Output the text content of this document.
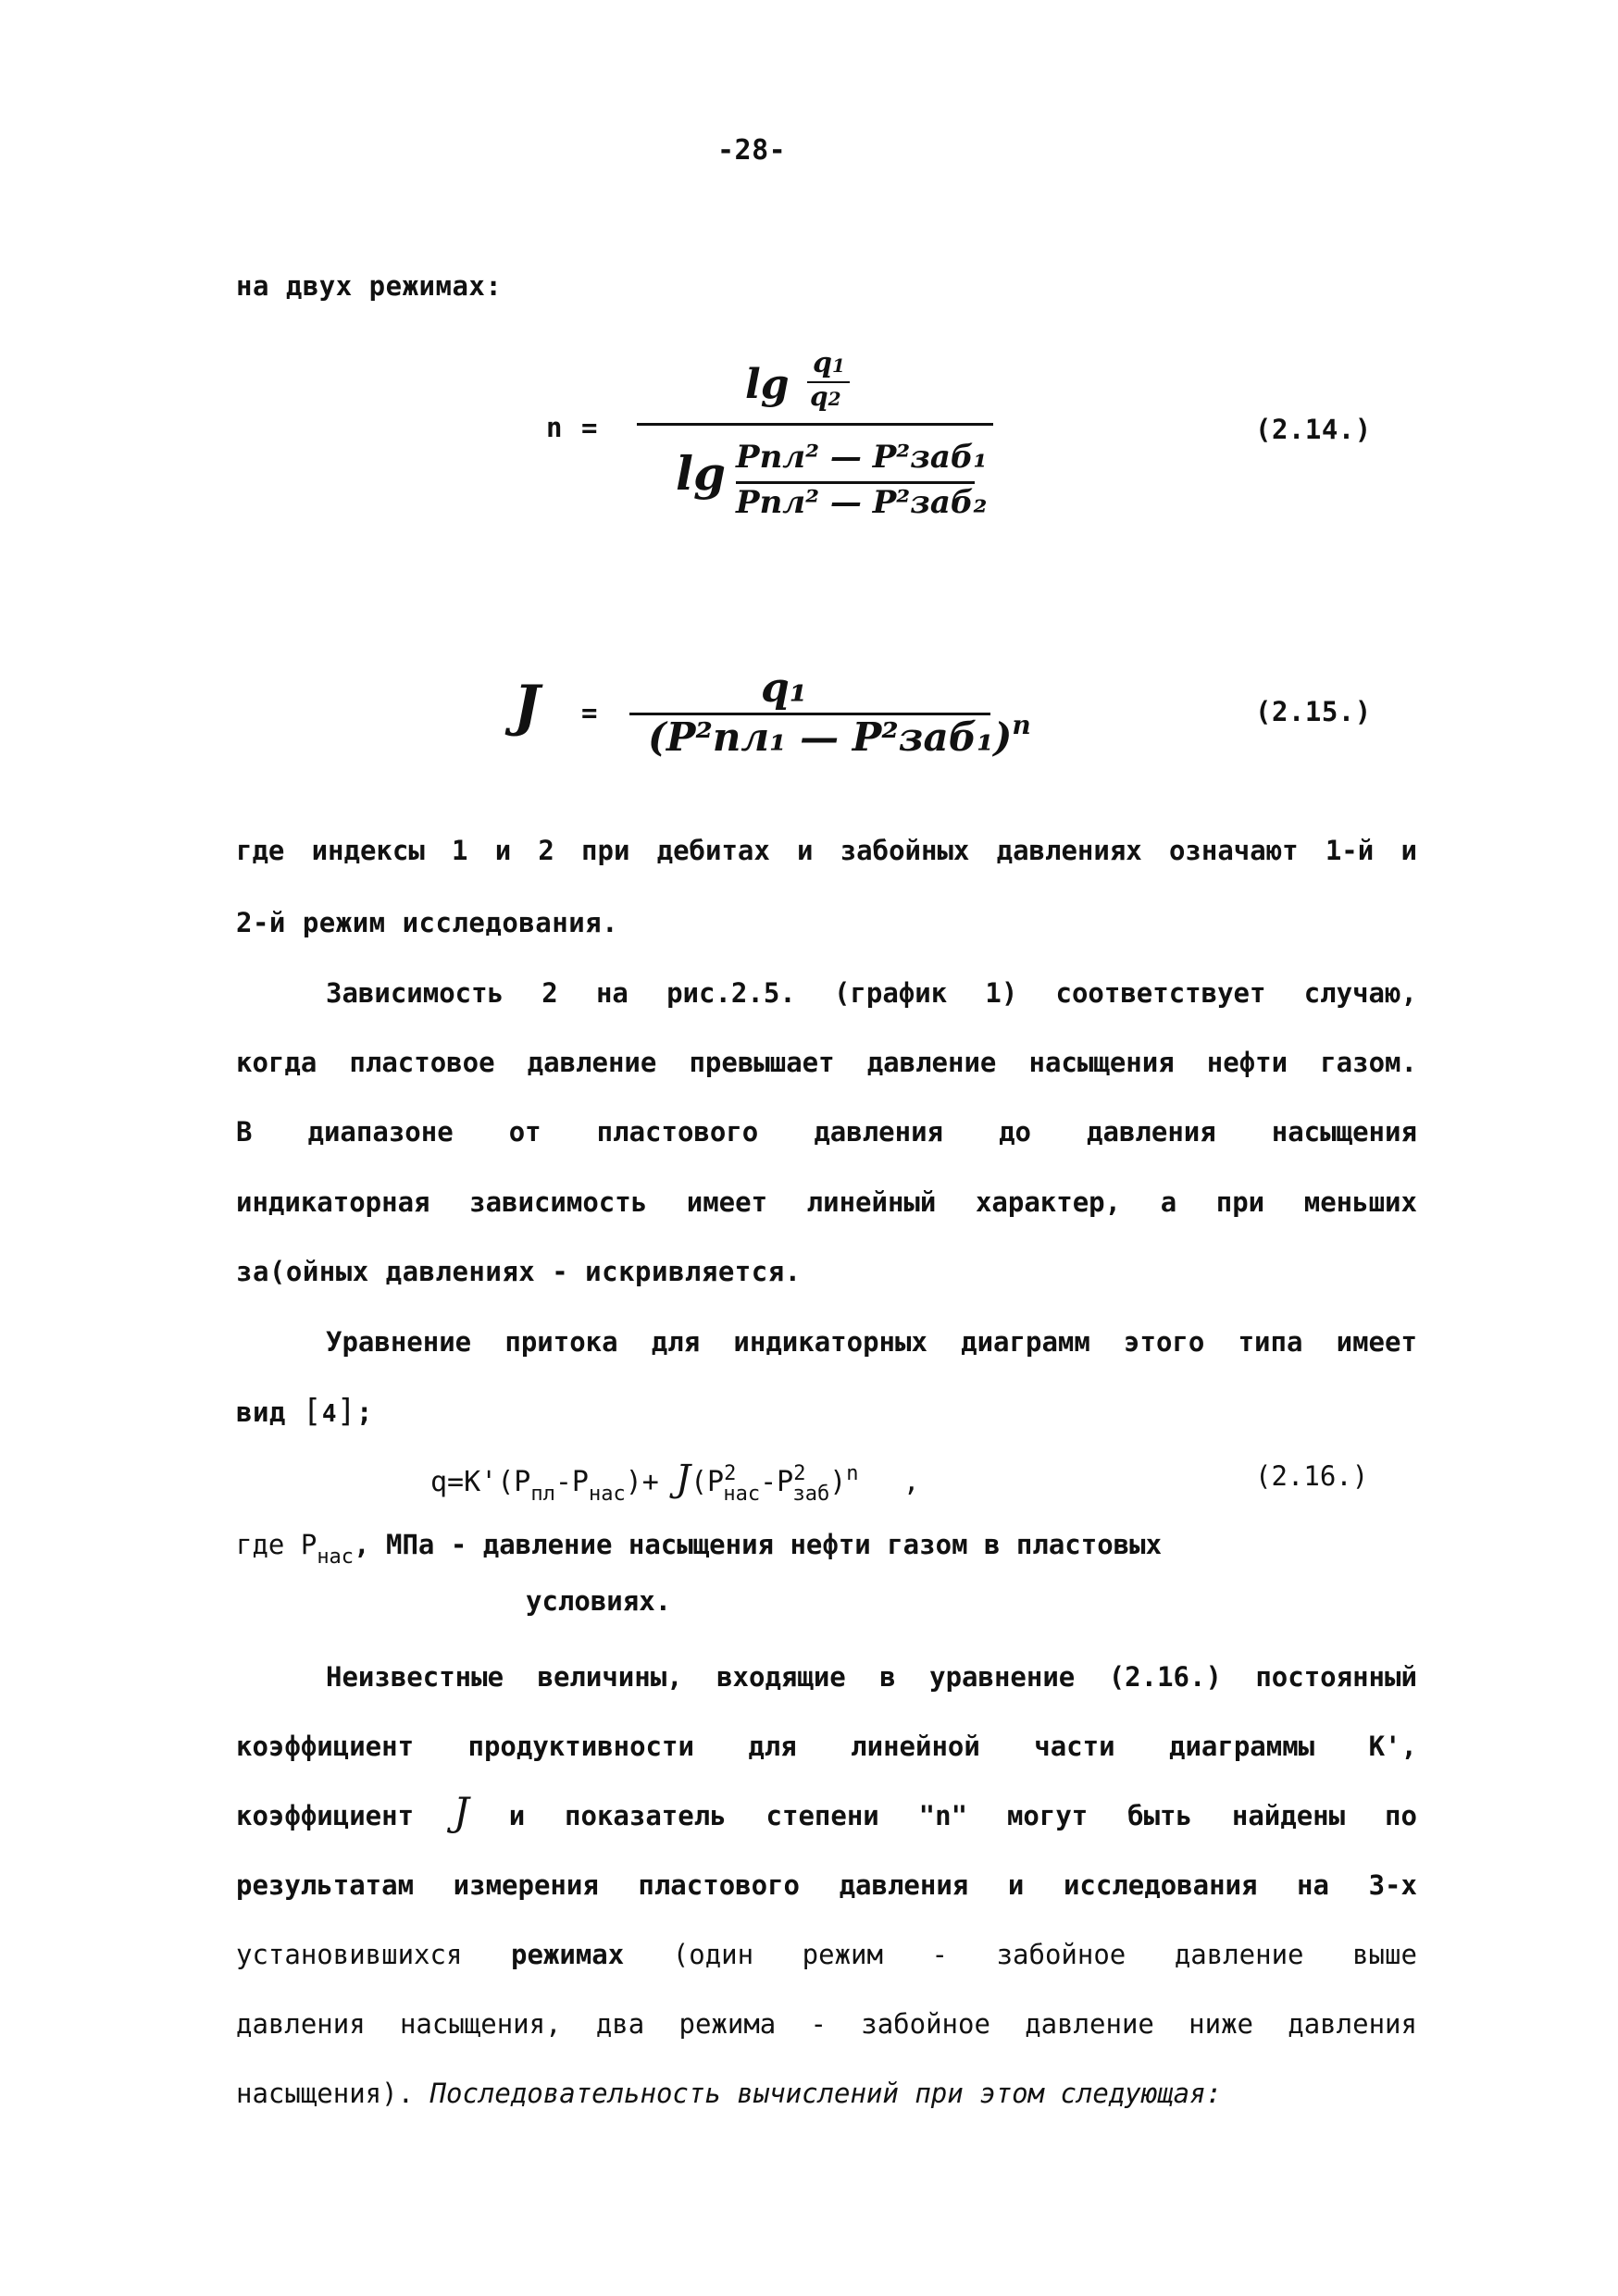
-28-
на двух режимах:
n =
lg q1
q2
lg Pпл² — P²заб₁
Pпл² — P²заб₂
(2.14.)
J =
q₁
(P²пл₁ — P²заб₁)$^n$	(2.15.)
где индексы 1 и 2 при дебитах и забойных давлениях означают 1-й и
2-й режим исследования.
Зависимость 2 на рис.2.5. (график 1) соответствует случаю,
когда пластовое давление превышает давление насыщения нефти газом.
В диапазоне от пластового давления до давления насыщения
индикаторная зависимость имеет линейный характер, а при меньших
за(ойных давлениях - искривляется.
Уравнение притока для индикаторных диаграмм этого типа имеет
вид [4];
$q=K'(P_{пл}-P_{нас})+ J(P^2_{нас}-P^2_{заб})^n$ ,	(2.16.)
где $P_{нас}$, МПа - давление насыщения нефти газом в пластовых
условиях.
Неизвестные величины, входящие в уравнение (2.16.) постоянный
коэффициент продуктивности для линейной части диаграммы K',
коэффициент J и показатель степени "n" могут быть найдены по
результатам измерения пластового давления и исследования на 3-х
установившихся режимах (один режим - забойное давление выше
давления насыщения, два режима - забойное давление ниже давления
насыщения). Последовательность вычислений при этом следующая:
